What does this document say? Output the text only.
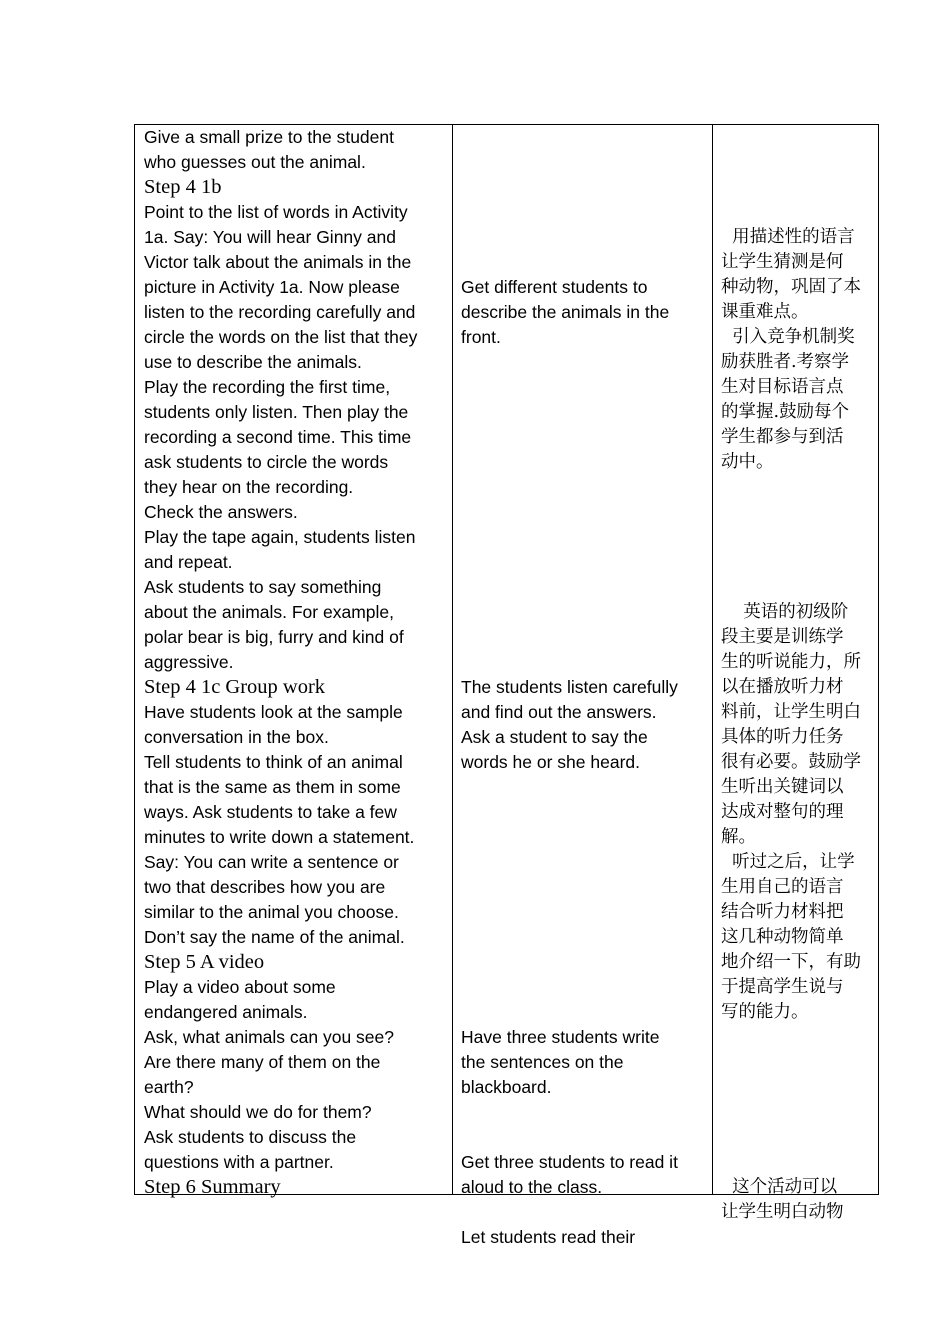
Give a small prize to the student
who guesses out the animal.
Step 4 1b
Point to the list of words in Activity
1a. Say: You will hear Ginny and
Victor talk about the animals in the
picture in Activity 1a. Now please
listen to the recording carefully and
circle the words on the list that they
use to describe the animals.
Play the recording the first time,
students only listen. Then play the
recording a second time. This time
ask students to circle the words
they hear on the recording.
Check the answers.
Play the tape again, students listen
and repeat.
Ask students to say something
about the animals. For example,
polar bear is big, furry and kind of
aggressive.
Step 4 1c Group work
Have students look at the sample
conversation in the box.
Tell students to think of an animal
that is the same as them in some
ways. Ask students to take a few
minutes to write down a statement.
Say: You can write a sentence or
two that describes how you are
similar to the animal you choose.
Don’t say the name of the animal.
Step 5 A video
Play a video about some
endangered animals.
Ask, what animals can you see?
Are there many of them on the
earth?
What should we do for them?
Ask students to discuss the
questions with a partner.
Step 6 Summary
Get different students to
describe the animals in the
front.
The students listen carefully
and find out the answers.
Ask a student to say the
words he or she heard.
Have three students write
the sentences on the
blackboard.
Get three students to read it
aloud to the class.
Let students read their
用描述性的语言
让学生猜测是何
种动物，巩固了本
课重难点。
引入竞争机制奖
励获胜者.考察学
生对目标语言点
的掌握.鼓励每个
学生都参与到活
动中。
英语的初级阶
段主要是训练学
生的听说能力，所
以在播放听力材
料前，让学生明白
具体的听力任务
很有必要。鼓励学
生听出关键词以
达成对整句的理
解。
听过之后，让学
生用自己的语言
结合听力材料把
这几种动物简单
地介绍一下，有助
于提高学生说与
写的能力。
这个活动可以
让学生明白动物
